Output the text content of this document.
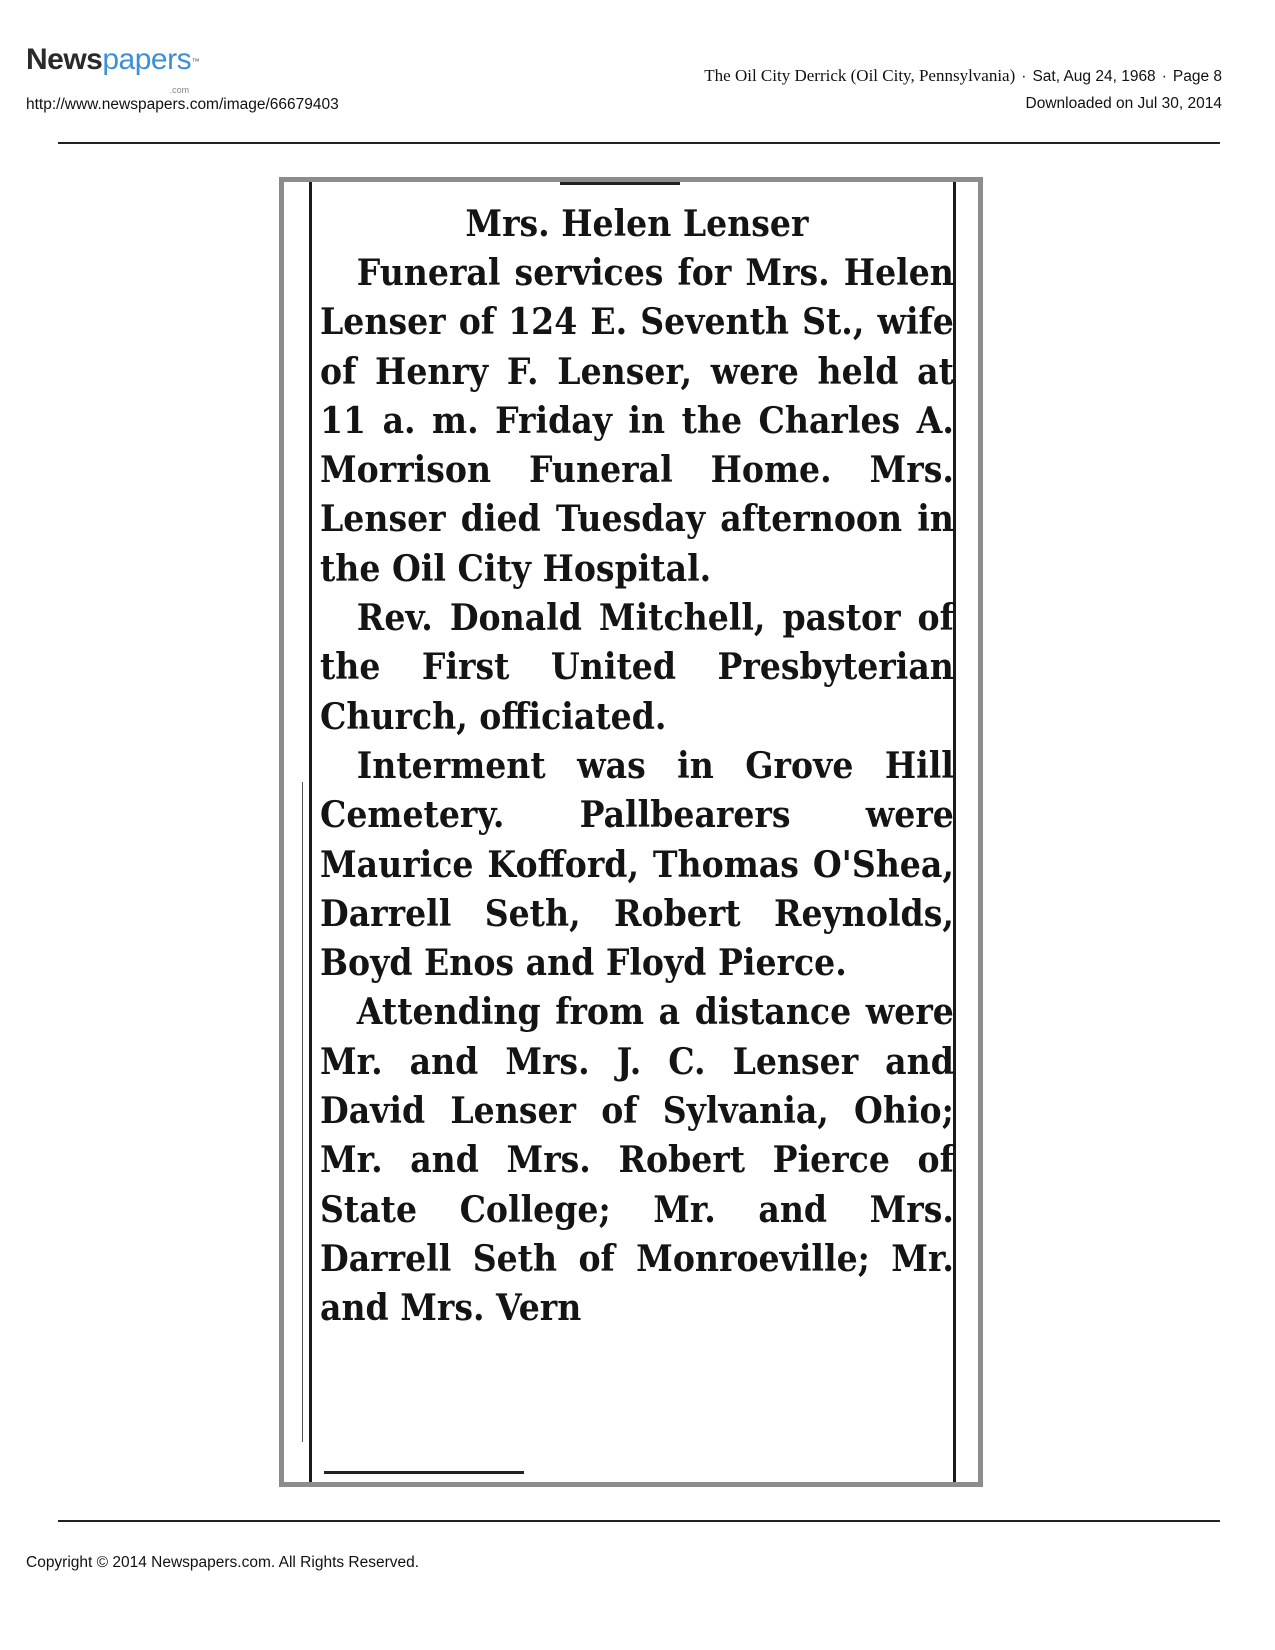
Newspapers ™
.com
http://www.newspapers.com/image/66679403
The Oil City Derrick (Oil City, Pennsylvania) · Sat, Aug 24, 1968 · Page 8
Downloaded on Jul 30, 2014
Mrs. Helen Lenser

Funeral services for Mrs. Helen Lenser of 124 E. Seventh St., wife of Henry F. Lenser, were held at 11 a. m. Friday in the Charles A. Morrison Funeral Home. Mrs. Lenser died Tuesday afternoon in the Oil City Hospital.

Rev. Donald Mitchell, pastor of the First United Presbyterian Church, officiated.

Interment was in Grove Hill Cemetery. Pallbearers were Maurice Kofford, Thomas O'Shea, Darrell Seth, Robert Reynolds, Boyd Enos and Floyd Pierce.

Attending from a distance were Mr. and Mrs. J. C. Lenser and David Lenser of Sylvania, Ohio; Mr. and Mrs. Robert Pierce of State College; Mr. and Mrs. Darrell Seth of Monroeville; Mr. and Mrs. Vern

Copyright © 2014 Newspapers.com. All Rights Reserved.
